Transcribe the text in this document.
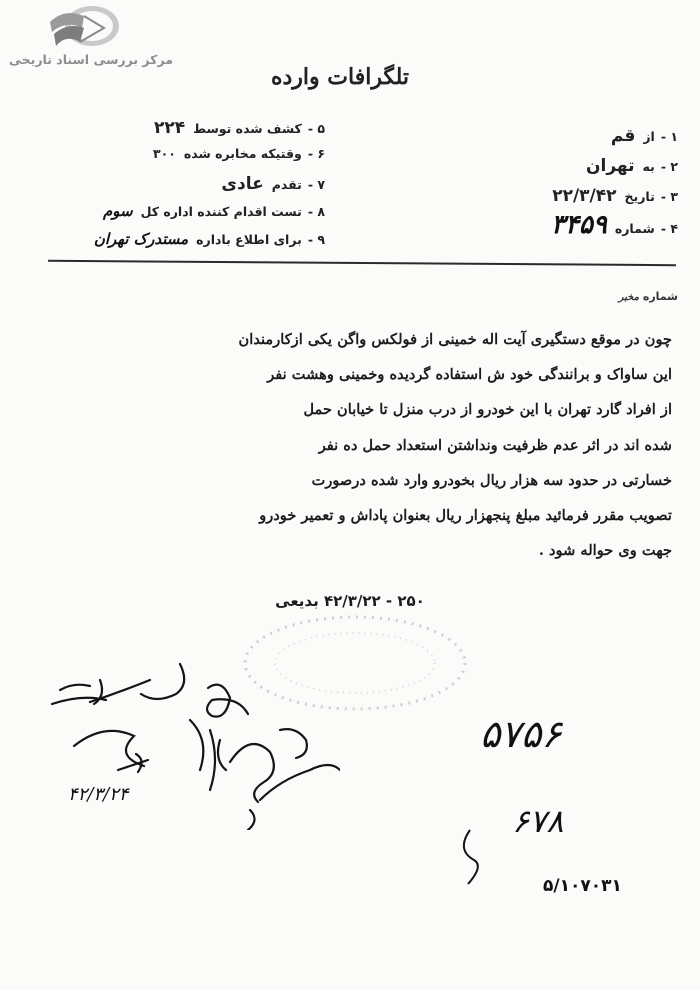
مرکز بررسی اسناد تاریخی
تلگرافات وارده
۱ -ازقم
۲ -بهتهران
۳ -تاریخ۲۲/۳/۴۲
۴ -شماره۳۴۵۹
۵ -کشف شده توسط۲۲۴
۶ -وقتیکه مخابره شده۳۰۰
۷ -تقدمعادی
۸ -تست اقدام کننده اداره کلسوم
۹ -برای اطلاع بادارهمستدرک تهران
شماره مخبر

چون در موقع دستگیری آیت اله خمینی از فولکس واگن یکی ازکارمندان

این ساواک و برانندگی خود ش استفاده گردیده وخمینی وهشت نفر

از افراد گارد تهران با این خودرو از درب منزل تا خیابان حمل

شده اند در اثر عدم ظرفیت ونداشتن استعداد حمل ده نفر

خسارتی در حدود سه هزار ریال بخودرو وارد شده درصورت

تصویب مقرر فرمائید مبلغ پنجهزار ریال بعنوان پاداش و تعمیر خودرو

جهت وی حواله شود .

۲۵۰ - ۴۲/۳/۲۲ بدیعی
۵۷۵۶
۶۷۸
۴۲/۳/۲۴
۵/۱۰۷۰۳۱
